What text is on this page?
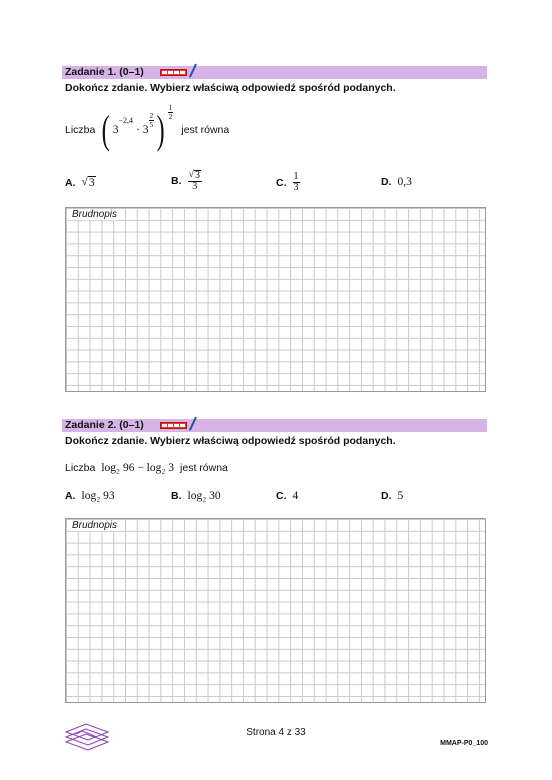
Zadanie 1. (0–1)
Dokończ zdanie. Wybierz właściwą odpowiedź spośród podanych.
Liczba ( 3
$^{-2,4}$
· 3
$\frac{2}{5}$ ) $\frac{1}{2}$
jest równa
A. √ 3	B. $\frac{√ 3}{3}$	C. $\frac{1}{3}$	D. 0,3
Brudnopis
Zadanie 2. (0–1)
Dokończ zdanie. Wybierz właściwą odpowiedź spośród podanych.
Liczba log₂ 96 − log₂ 3 jest równa
A. log₂ 93	B. log₂ 30	C. 4	D. 5
Brudnopis
Strona 4 z 33
MMAP-P0_100
